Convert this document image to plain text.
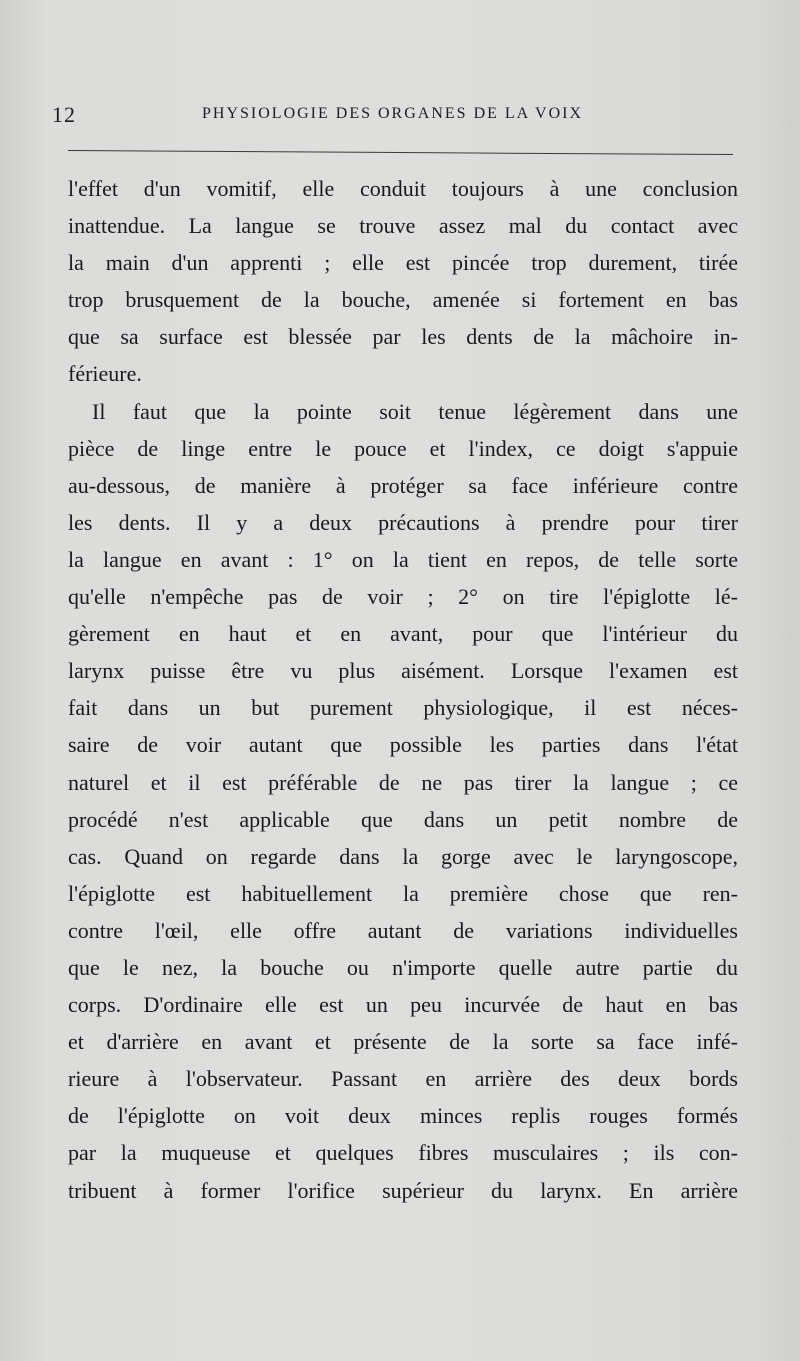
12	PHYSIOLOGIE DES ORGANES DE LA VOIX
l'effet d'un vomitif, elle conduit toujours à une conclusion
inattendue. La langue se trouve assez mal du contact avec
la main d'un apprenti ; elle est pincée trop durement, tirée
trop brusquement de la bouche, amenée si fortement en bas
que sa surface est blessée par les dents de la mâchoire in-
férieure.
Il faut que la pointe soit tenue légèrement dans une
pièce de linge entre le pouce et l'index, ce doigt s'appuie
au-dessous, de manière à protéger sa face inférieure contre
les dents. Il y a deux précautions à prendre pour tirer
la langue en avant : 1° on la tient en repos, de telle sorte
qu'elle n'empêche pas de voir ; 2° on tire l'épiglotte lé-
gèrement en haut et en avant, pour que l'intérieur du
larynx puisse être vu plus aisément. Lorsque l'examen est
fait dans un but purement physiologique, il est néces-
saire de voir autant que possible les parties dans l'état
naturel et il est préférable de ne pas tirer la langue ; ce
procédé n'est applicable que dans un petit nombre de
cas. Quand on regarde dans la gorge avec le laryngoscope,
l'épiglotte est habituellement la première chose que ren-
contre l'œil, elle offre autant de variations individuelles
que le nez, la bouche ou n'importe quelle autre partie du
corps. D'ordinaire elle est un peu incurvée de haut en bas
et d'arrière en avant et présente de la sorte sa face infé-
rieure à l'observateur. Passant en arrière des deux bords
de l'épiglotte on voit deux minces replis rouges formés
par la muqueuse et quelques fibres musculaires ; ils con-
tribuent à former l'orifice supérieur du larynx. En arrière
